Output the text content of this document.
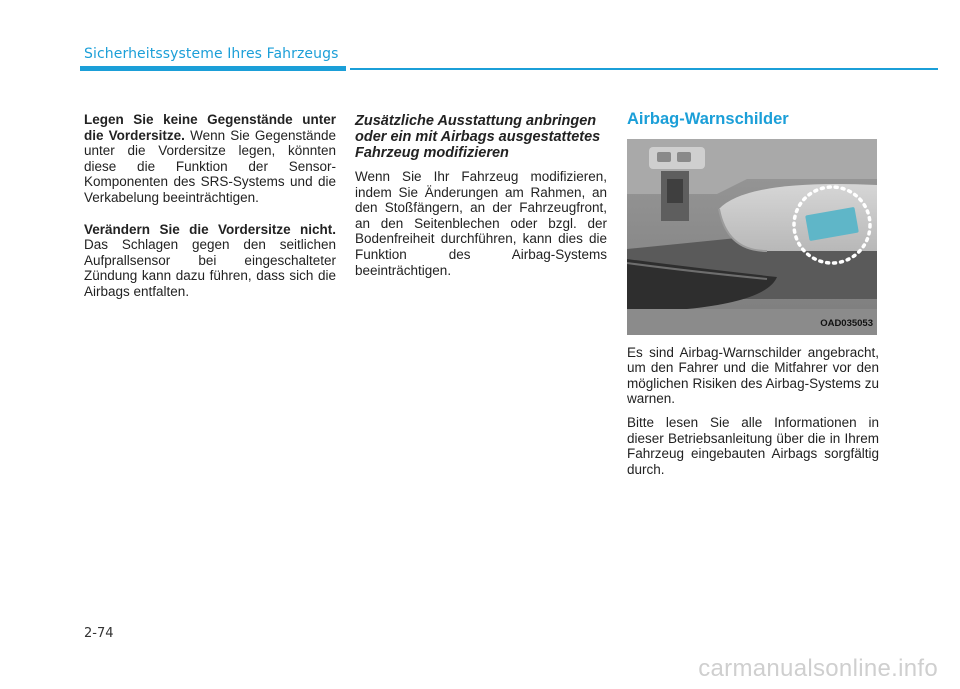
Sicherheitssysteme Ihres Fahrzeugs

Legen Sie keine Gegenstände unter die Vordersitze. Wenn Sie Gegenstände unter die Vordersitze legen, könnten diese die Funktion der Sensor-Komponenten des SRS-Systems und die Verkabelung beeinträchtigen.

Verändern Sie die Vordersitze nicht. Das Schlagen gegen den seitlichen Aufprallsensor bei eingeschalteter Zündung kann dazu führen, dass sich die Airbags entfalten.

Zusätzliche Ausstattung anbringen oder ein mit Airbags ausgestattetes Fahrzeug modifizieren

Wenn Sie Ihr Fahrzeug modifizieren, indem Sie Änderungen am Rahmen, an den Stoßfängern, an der Fahrzeugfront, an den Seitenblechen oder bzgl. der Bodenfreiheit durchführen, kann dies die Funktion des Airbag-Systems beeinträchtigen.

Airbag-Warnschilder
OAD035053

Es sind Airbag-Warnschilder angebracht, um den Fahrer und die Mitfahrer vor den möglichen Risiken des Airbag-Systems zu warnen.

Bitte lesen Sie alle Informationen in dieser Betriebsanleitung über die in Ihrem Fahrzeug eingebauten Airbags sorgfältig durch.

2-74
carmanualsonline.info
